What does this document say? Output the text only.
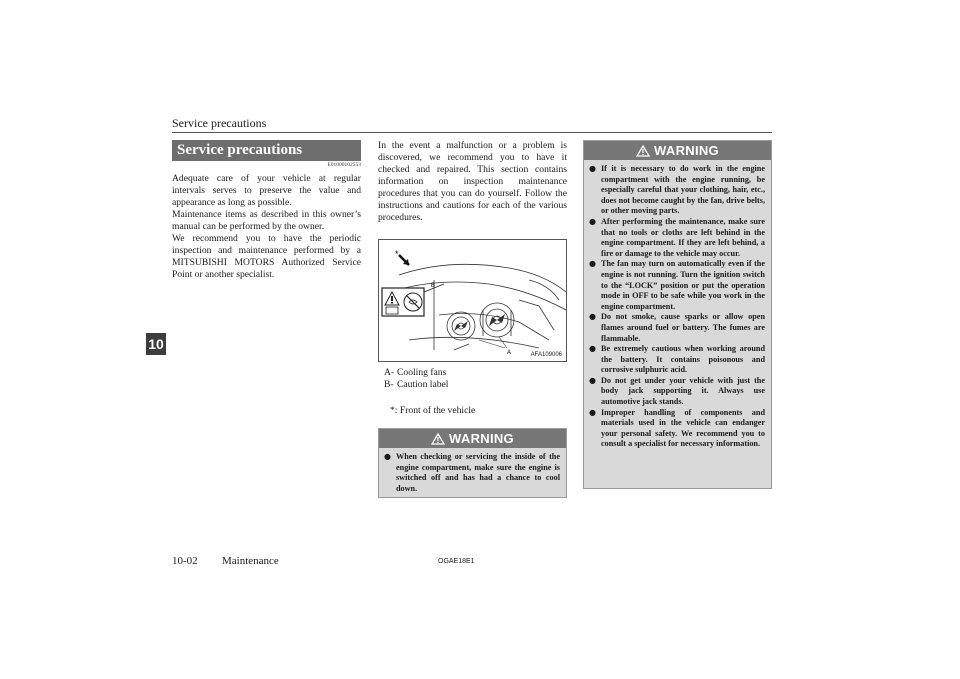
Service precautions
10
Service precautions
E01000102553

Adequate care of your vehicle at regular intervals serves to preserve the value and appearance as long as possible.

Maintenance items as described in this owner’s manual can be performed by the owner.

We recommend you to have the periodic inspection and maintenance performed by a MITSUBISHI MOTORS Authorized Service Point or another specialist.

In the event a malfunction or a problem is discovered, we recommend you to have it checked and repaired. This section contains information on inspection maintenance procedures that you can do yourself. Follow the instructions and cautions for each of the various procedures.

*
B
A	AFA109006
A- Cooling fans
B- Caution label
*: Front of the vehicle
WARNING
● When checking or servicing the inside of the engine compartment, make sure the engine is switched off and has had a chance to cool down.
WARNING
● If it is necessary to do work in the engine compartment with the engine running, be especially careful that your clothing, hair, etc., does not become caught by the fan, drive belts, or other moving parts.
● After performing the maintenance, make sure that no tools or cloths are left behind in the engine compartment. If they are left behind, a fire or damage to the vehicle may occur.
● The fan may turn on automatically even if the engine is not running. Turn the ignition switch to the “LOCK” position or put the operation mode in OFF to be safe while you work in the engine compartment.
● Do not smoke, cause sparks or allow open flames around fuel or battery. The fumes are flammable.
● Be extremely cautious when working around the battery. It contains poisonous and corrosive sulphuric acid.
● Do not get under your vehicle with just the body jack supporting it. Always use automotive jack stands.
● Improper handling of components and materials used in the vehicle can endanger your personal safety. We recommend you to consult a specialist for necessary information.
10-02 Maintenance	OGAE18E1
